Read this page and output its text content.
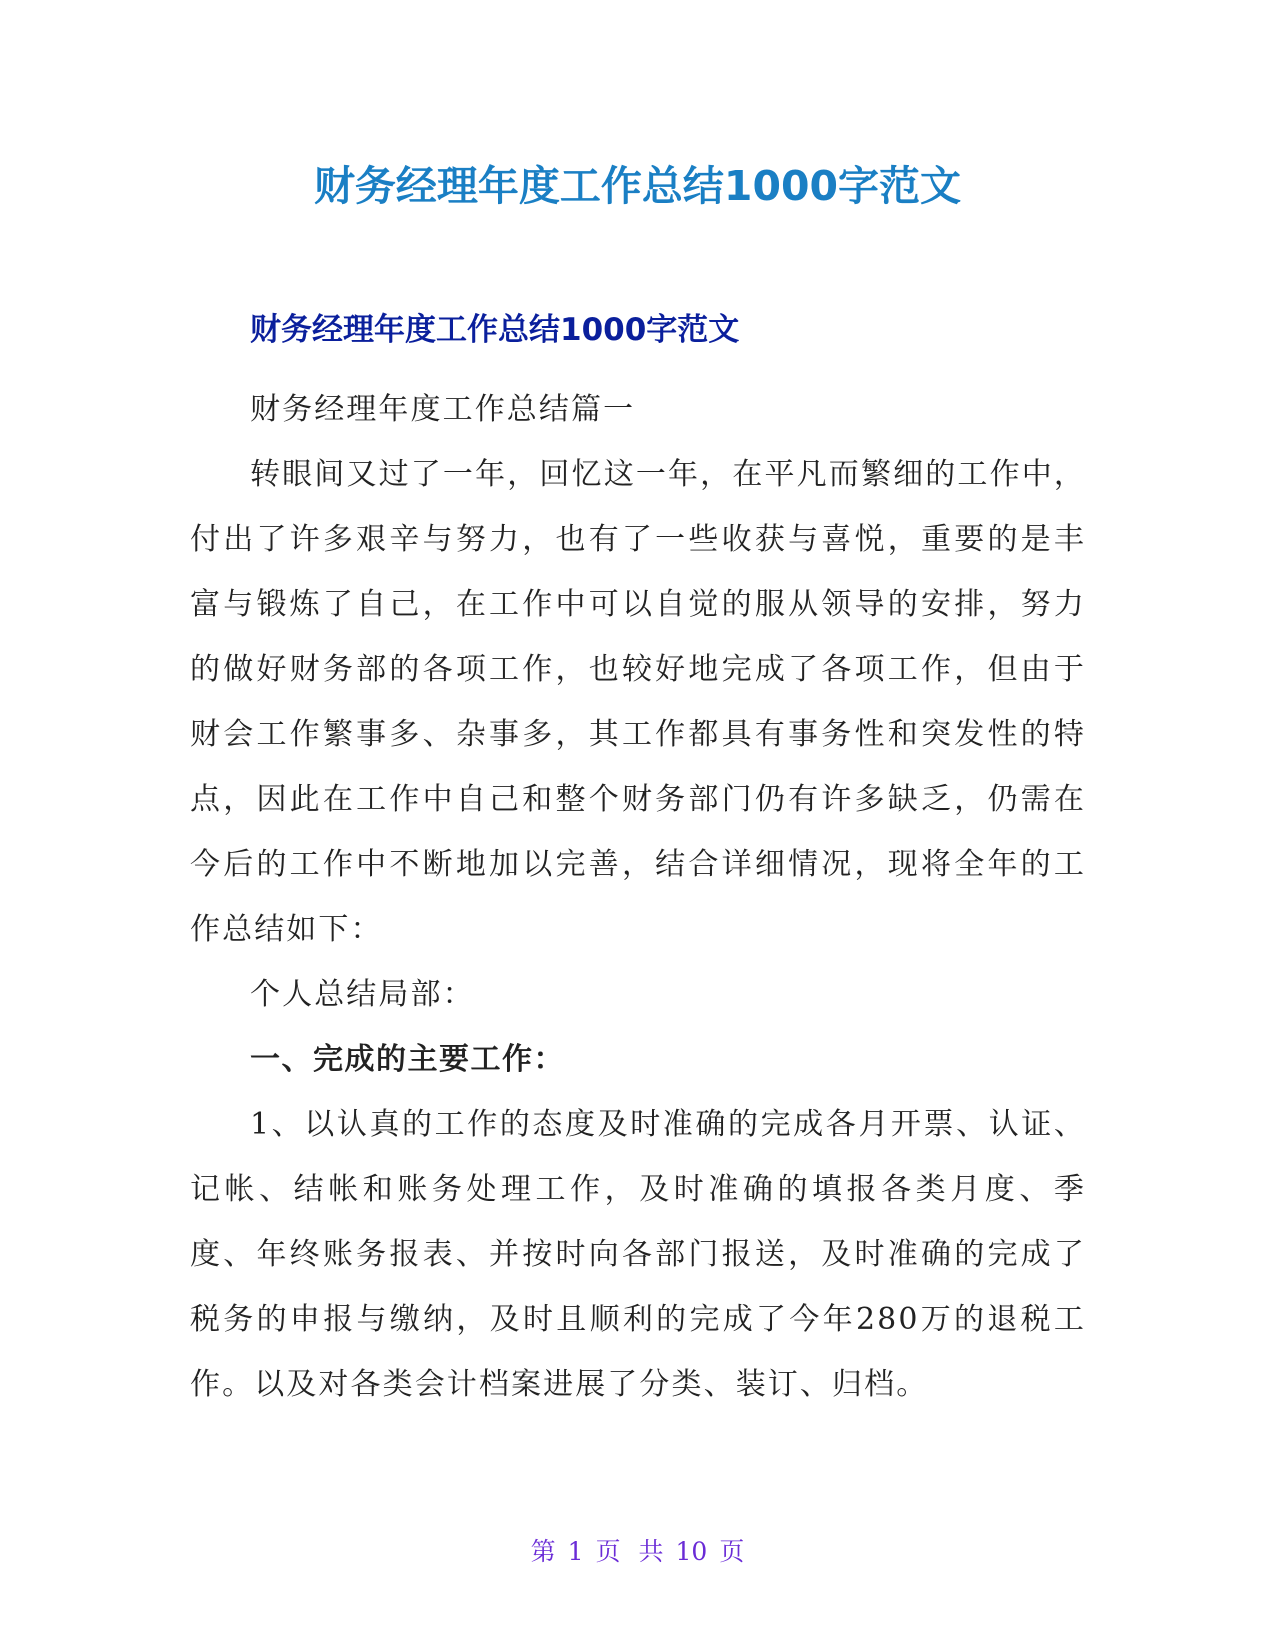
财务经理年度工作总结1000字范文
财务经理年度工作总结1000字范文

财务经理年度工作总结篇一

转眼间又过了一年，回忆这一年，在平凡而繁细的工作中，付出了许多艰辛与努力，也有了一些收获与喜悦，重要的是丰富与锻炼了自己，在工作中可以自觉的服从领导的安排，努力的做好财务部的各项工作，也较好地完成了各项工作，但由于财会工作繁事多、杂事多，其工作都具有事务性和突发性的特点，因此在工作中自己和整个财务部门仍有许多缺乏，仍需在今后的工作中不断地加以完善，结合详细情况，现将全年的工作总结如下：

个人总结局部：

一、完成的主要工作：

1、以认真的工作的态度及时准确的完成各月开票、认证、记帐、结帐和账务处理工作，及时准确的填报各类月度、季度、年终账务报表、并按时向各部门报送，及时准确的完成了税务的申报与缴纳，及时且顺利的完成了今年280万的退税工作。以及对各类会计档案进展了分类、装订、归档。

第 1 页 共 10 页
